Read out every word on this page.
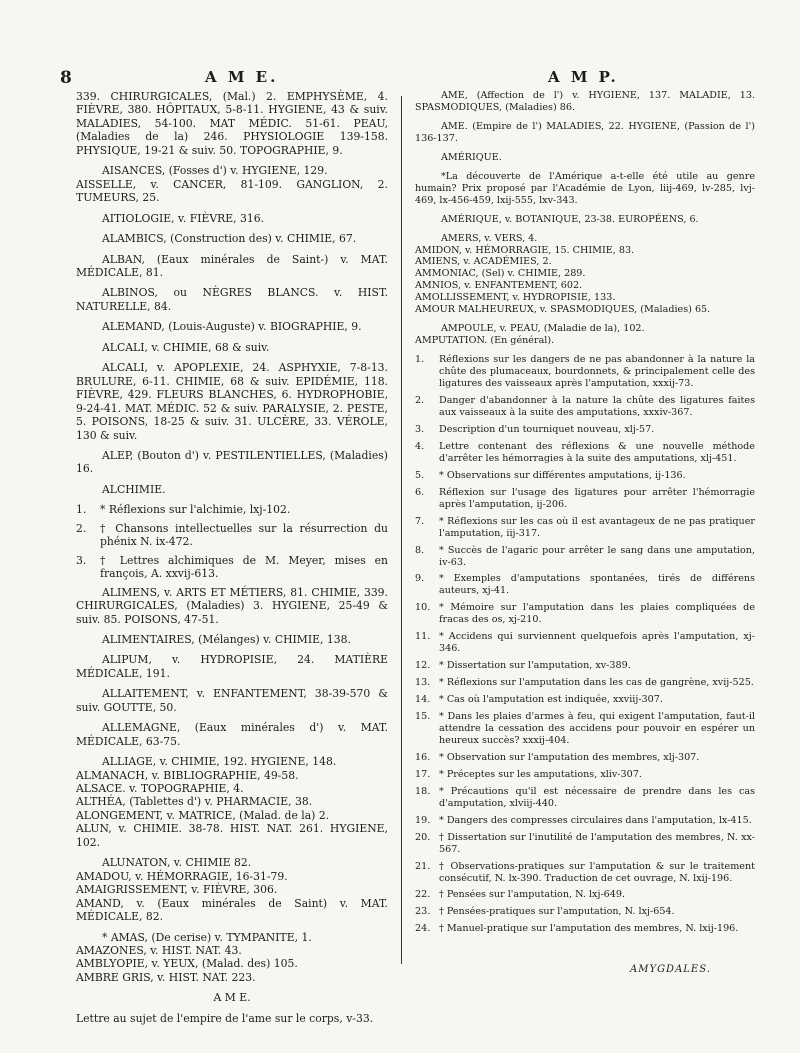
8	A M E.	A M P.

339. CHIRURGICALES, (Mal.) 2. EMPHYSÈME, 4. FIÈVRE, 380. HÔPITAUX, 5-8-11. HYGIENE, 43 & suiv. MALADIES, 54-100. MAT MÉDIC. 51-61. PEAU, (Maladies de la) 246. PHYSIOLOGIE 139-158. PHYSIQUE, 19-21 & suiv. 50. TOPOGRAPHIE, 9.

AISANCES, (Fosses d') v. HYGIENE, 129.
AISSELLE, v. CANCER, 81-109. GANGLION, 2. TUMEURS, 25.

AITIOLOGIE, v. FIÈVRE, 316.

ALAMBICS, (Construction des) v. CHIMIE, 67.

ALBAN, (Eaux minérales de Saint-) v. MAT. MÉDICALE, 81.

ALBINOS, ou NÈGRES BLANCS. v. HIST. NATURELLE, 84.

ALEMAND, (Louis-Auguste) v. BIOGRAPHIE, 9.

ALCALI, v. CHIMIE, 68 & suiv.

ALCALI, v. APOPLEXIE, 24. ASPHYXIE, 7-8-13. BRULURE, 6-11. CHIMIE, 68 & suiv. EPIDÉMIE, 118. FIÈVRE, 429. FLEURS BLANCHES, 6. HYDROPHOBIE, 9-24-41. MAT. MÉDIC. 52 & suiv. PARALYSIE, 2. PESTE, 5. POISONS, 18-25 & suiv. 31. ULCÈRE, 33. VÉROLE, 130 & suiv.

ALEP, (Bouton d') v. PESTILENTIELLES, (Maladies) 16.

ALCHIMIE.

1. * Réflexions sur l'alchimie, lxj-102.
2. † Chansons intellectuelles sur la résurrection du phénix N. ix-472.
3. † Lettres alchimiques de M. Meyer, mises en françois, A. xxvij-613.

ALIMENS, v. ARTS ET MÉTIERS, 81. CHIMIE, 339. CHIRURGICALES, (Maladies) 3. HYGIENE, 25-49 & suiv. 85. POISONS, 47-51.

ALIMENTAIRES, (Mélanges) v. CHIMIE, 138.

ALIPUM, v. HYDROPISIE, 24. MATIÈRE MÉDICALE, 191.

ALLAITEMENT, v. ENFANTEMENT, 38-39-570 & suiv. GOUTTE, 50.

ALLEMAGNE, (Eaux minérales d') v. MAT. MÉDICALE, 63-75.

ALLIAGE, v. CHIMIE, 192. HYGIENE, 148.
ALMANACH, v. BIBLIOGRAPHIE, 49-58.
ALSACE. v. TOPOGRAPHIE, 4.
ALTHÉA, (Tablettes d') v. PHARMACIE, 38.
ALONGEMENT, v. MATRICE, (Malad. de la) 2.
ALUN, v. CHIMIE. 38-78. HIST. NAT. 261. HYGIENE, 102.

ALUNATON, v. CHIMIE 82.
AMADOU, v. HÉMORRAGIE, 16-31-79.
AMAIGRISSEMENT, v. FIÈVRE, 306.
AMAND, v. (Eaux minérales de Saint) v. MAT. MÉDICALE, 82.

* AMAS, (De cerise) v. TYMPANITE, 1.
AMAZONES, v. HIST. NAT. 43.
AMBLYOPIE, v. YEUX, (Malad. des) 105.
AMBRE GRIS, v. HIST. NAT. 223.

A M E.

Lettre au sujet de l'empire de l'ame sur le corps, v-33.

AME, (Affection de l') v. HYGIENE, 137. MALADIE, 13. SPASMODIQUES, (Maladies) 86.

AME. (Empire de l') MALADIES, 22. HYGIENE, (Passion de l') 136-137.

AMÉRIQUE.

*La découverte de l'Amérique a-t-elle été utile au genre humain? Prix proposé par l'Académie de Lyon, liij-469, lv-285, lvj-469, lx-456-459, lxij-555, lxv-343.

AMÉRIQUE, v. BOTANIQUE, 23-38. EUROPÉENS, 6.

AMERS, v. VERS, 4.
AMIDON, v. HÉMORRAGIE, 15. CHIMIE, 83.
AMIENS, v. ACADÉMIES, 2.
AMMONIAC, (Sel) v. CHIMIE, 289.
AMNIOS, v. ENFANTEMENT, 602.
AMOLLISSEMENT, v. HYDROPISIE, 133.
AMOUR MALHEUREUX, v. SPASMODIQUES, (Maladies) 65.

AMPOULE, v. PEAU, (Maladie de la), 102.
AMPUTATION. (En général).

1. Réflexions sur les dangers de ne pas abandonner à la nature la chûte des plumaceaux, bourdonnets, & principalement celle des ligatures des vaisseaux après l'amputation, xxxij-73.
2. Danger d'abandonner à la nature la chûte des ligatures faites aux vaisseaux à la suite des amputations, xxxiv-367.
3. Description d'un tourniquet nouveau, xlj-57.
4. Lettre contenant des réflexions & une nouvelle méthode d'arrêter les hémorragies à la suite des amputations, xlj-451.
5. * Observations sur différentes amputations, ij-136.
6. Réflexion sur l'usage des ligatures pour arrêter l'hémorragie après l'amputation, ij-206.
7. * Réflexions sur les cas où il est avantageux de ne pas pratiquer l'amputation, iij-317.
8. * Succès de l'agaric pour arrêter le sang dans une amputation, iv-63.
9. * Exemples d'amputations spontanées, tirés de différens auteurs, xj-41.
10. * Mémoire sur l'amputation dans les plaies compliquées de fracas des os, xj-210.
11. * Accidens qui surviennent quelquefois après l'amputation, xj-346.
12. * Dissertation sur l'amputation, xv-389.
13. * Réflexions sur l'amputation dans les cas de gangrène, xvij-525.
14. * Cas où l'amputation est indiquée, xxviij-307.
15. * Dans les plaies d'armes à feu, qui exigent l'amputation, faut-il attendre la cessation des accidens pour pouvoir en espérer un heureux succès? xxxij-404.
16. * Observation sur l'amputation des membres, xlj-307.
17. * Préceptes sur les amputations, xliv-307.
18. * Précautions qu'il est nécessaire de prendre dans les cas d'amputation, xlviij-440.
19. * Dangers des compresses circulaires dans l'amputation, lx-415.
20. † Dissertation sur l'inutilité de l'amputation des membres, N. xx-567.
21. † Observations-pratiques sur l'amputation & sur le traitement consécutif, N. lx-390. Traduction de cet ouvrage, N. lxij-196.
22. † Pensées sur l'amputation, N. lxj-649.
23. † Pensées-pratiques sur l'amputation, N. lxj-654.
24. † Manuel-pratique sur l'amputation des membres, N. lxij-196.
AMYGDALES.
